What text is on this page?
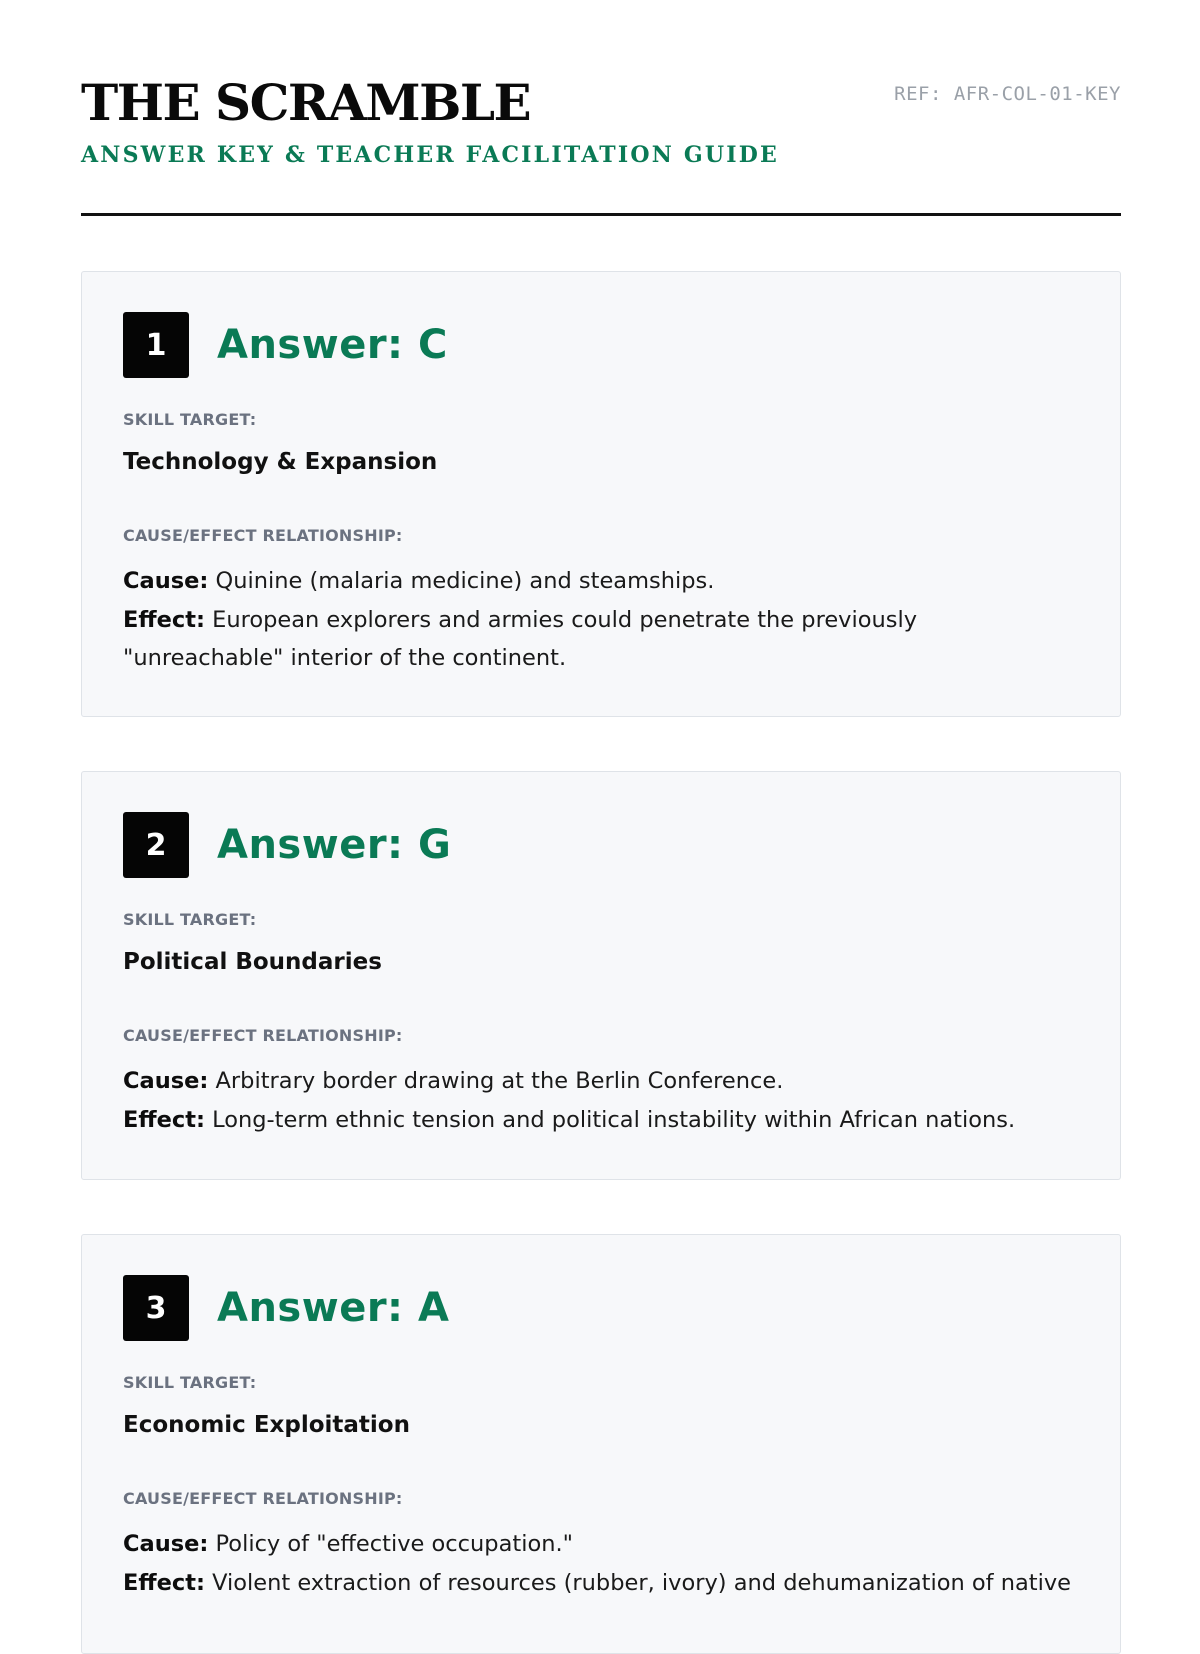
THE SCRAMBLE
ANSWER KEY & TEACHER FACILITATION GUIDE
REF: AFR-COL-01-KEY
1	Answer: C
SKILL TARGET:
Technology & Expansion
CAUSE/EFFECT RELATIONSHIP:

Cause: Quinine (malaria medicine) and steamships.

Effect: European explorers and armies could penetrate the previously "unreachable" interior of the continent.

2	Answer: G
SKILL TARGET:
Political Boundaries
CAUSE/EFFECT RELATIONSHIP:

Cause: Arbitrary border drawing at the Berlin Conference.

Effect: Long-term ethnic tension and political instability within African nations.

3	Answer: A
SKILL TARGET:
Economic Exploitation
CAUSE/EFFECT RELATIONSHIP:

Cause: Policy of "effective occupation."

Effect: Violent extraction of resources (rubber, ivory) and dehumanization of native
